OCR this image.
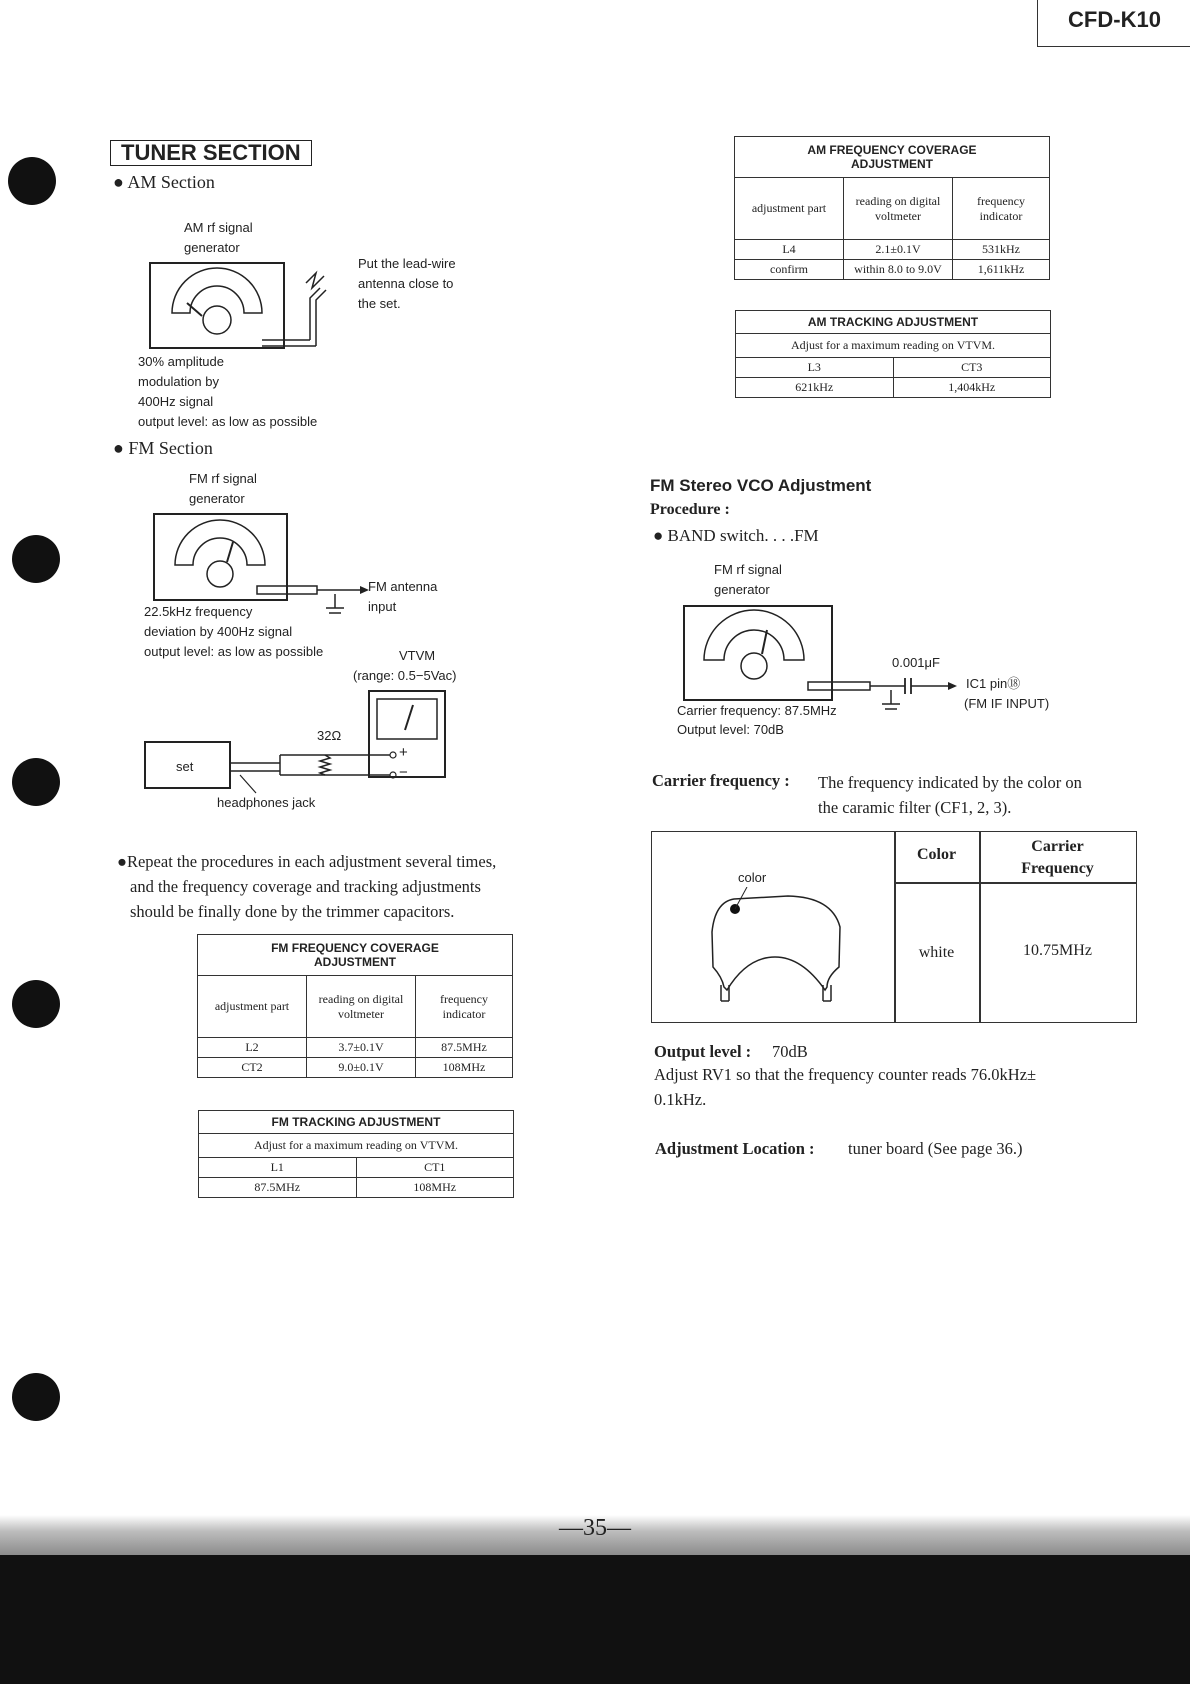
CFD-K10
TUNER SECTION
● AM Section
AM rf signal
generator
Put the lead-wire
antenna close to
the set.
30% amplitude
modulation by
400Hz signal
output level: as low as possible
● FM Section
FM rf signal
generator
FM antenna
input
22.5kHz frequency
deviation by 400Hz signal
output level: as low as possible	VTVM
(range: 0.5−5Vac)
32Ω
set
+
−
headphones jack
●Repeat the procedures in each adjustment several times,
and the frequency coverage and tracking adjustments
should be finally done by the trimmer capacitors.
FM FREQUENCY COVERAGE
ADJUSTMENT		

adjustment part	reading on digital voltmeter	frequency indicator
L2	3.7±0.1V	87.5MHz
CT2	9.0±0.1V	108MHz
FM TRACKING ADJUSTMENT	
Adjust for a maximum reading on VTVM.	
L1	CT1
87.5MHz	108MHz
AM FREQUENCY COVERAGE
ADJUSTMENT		

adjustment part	reading on digital voltmeter	frequency indicator
L4	2.1±0.1V	531kHz
confirm	within 8.0 to 9.0V	1,611kHz
AM TRACKING ADJUSTMENT	
Adjust for a maximum reading on VTVM.	
L3	CT3
621kHz	1,404kHz
FM Stereo VCO Adjustment
Procedure :
● BAND switch. . . .FM
FM rf signal
generator
0.001μF
IC1 pin⑱
(FM IF INPUT)
Carrier frequency: 87.5MHz
Output level: 70dB
Carrier frequency : The frequency indicated by the color on
the caramic filter (CF1, 2, 3).
Color	Carrier
Frequency
white	10.75MHz
color
Output level : 70dB
Adjust RV1 so that the frequency counter reads 76.0kHz±
0.1kHz.
Adjustment Location : tuner board (See page 36.)
—35—
